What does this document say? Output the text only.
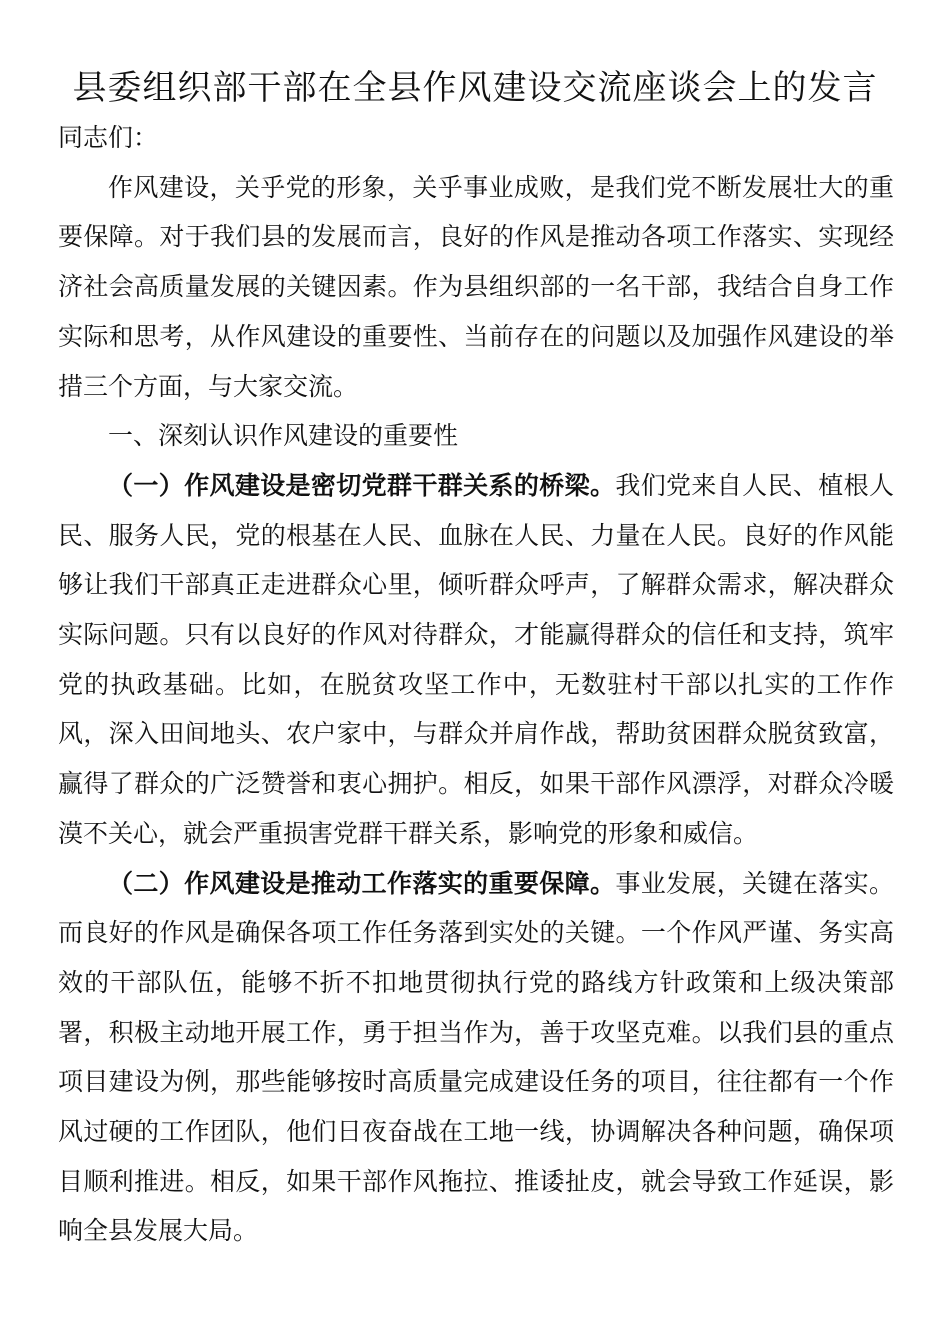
县委组织部干部在全县作风建设交流座谈会上的发言

同志们：

作风建设，关乎党的形象，关乎事业成败，是我们党不断发展壮大的重要保障。对于我们县的发展而言，良好的作风是推动各项工作落实、实现经济社会高质量发展的关键因素。作为县组织部的一名干部，我结合自身工作实际和思考，从作风建设的重要性、当前存在的问题以及加强作风建设的举措三个方面，与大家交流。

一、深刻认识作风建设的重要性

（一）作风建设是密切党群干群关系的桥梁。我们党来自人民、植根人民、服务人民，党的根基在人民、血脉在人民、力量在人民。良好的作风能够让我们干部真正走进群众心里，倾听群众呼声，了解群众需求，解决群众实际问题。只有以良好的作风对待群众，才能赢得群众的信任和支持，筑牢党的执政基础。比如，在脱贫攻坚工作中，无数驻村干部以扎实的工作作风，深入田间地头、农户家中，与群众并肩作战，帮助贫困群众脱贫致富，赢得了群众的广泛赞誉和衷心拥护。相反，如果干部作风漂浮，对群众冷暖漠不关心，就会严重损害党群干群关系，影响党的形象和威信。

（二）作风建设是推动工作落实的重要保障。事业发展，关键在落实。而良好的作风是确保各项工作任务落到实处的关键。一个作风严谨、务实高效的干部队伍，能够不折不扣地贯彻执行党的路线方针政策和上级决策部署，积极主动地开展工作，勇于担当作为，善于攻坚克难。以我们县的重点项目建设为例，那些能够按时高质量完成建设任务的项目，往往都有一个作风过硬的工作团队，他们日夜奋战在工地一线，协调解决各种问题，确保项目顺利推进。相反，如果干部作风拖拉、推诿扯皮，就会导致工作延误，影响全县发展大局。
